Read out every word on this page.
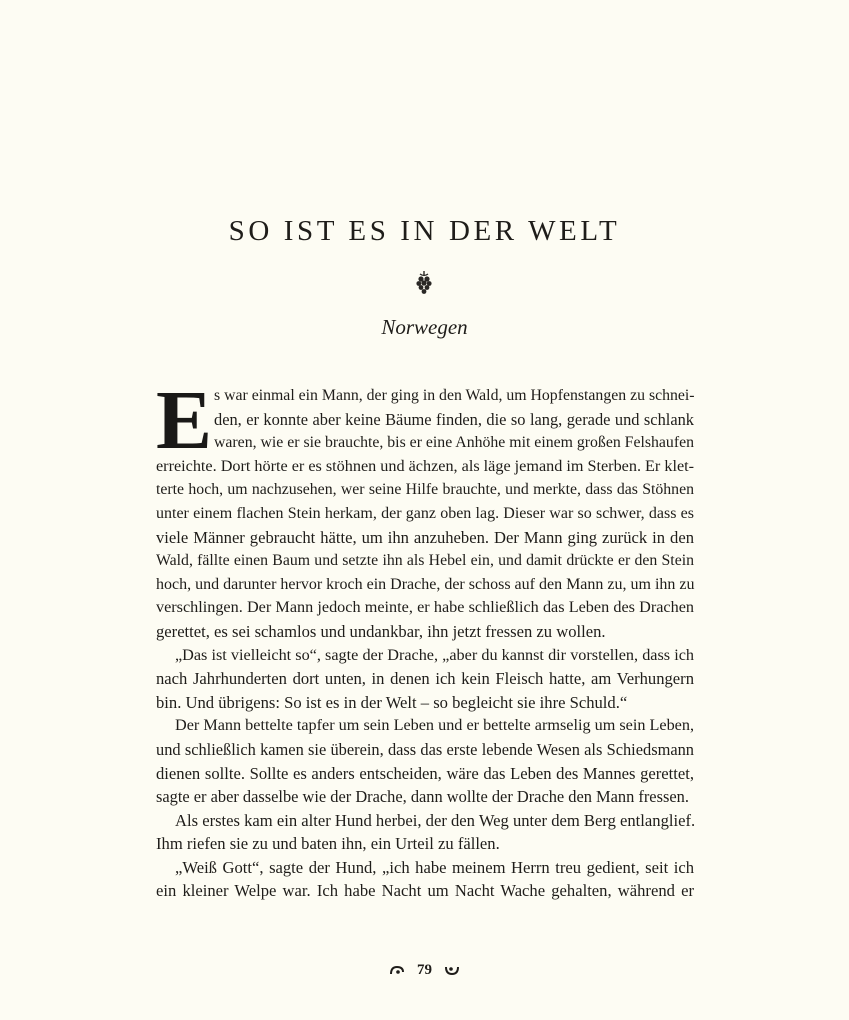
SO IST ES IN DER WELT
Norwegen
E s war einmal ein Mann, der ging in den Wald, um Hopfenstangen zu schnei-
den, er konnte aber keine Bäume finden, die so lang, gerade und schlank
waren, wie er sie brauchte, bis er eine Anhöhe mit einem großen Felshaufen
erreichte. Dort hörte er es stöhnen und ächzen, als läge jemand im Sterben. Er klet-
terte hoch, um nachzusehen, wer seine Hilfe brauchte, und merkte, dass das Stöhnen
unter einem flachen Stein herkam, der ganz oben lag. Dieser war so schwer, dass es
viele Männer gebraucht hätte, um ihn anzuheben. Der Mann ging zurück in den
Wald, fällte einen Baum und setzte ihn als Hebel ein, und damit drückte er den Stein
hoch, und darunter hervor kroch ein Drache, der schoss auf den Mann zu, um ihn zu
verschlingen. Der Mann jedoch meinte, er habe schließlich das Leben des Drachen
gerettet, es sei schamlos und undankbar, ihn jetzt fressen zu wollen.
„Das ist vielleicht so“, sagte der Drache, „aber du kannst dir vorstellen, dass ich
nach Jahrhunderten dort unten, in denen ich kein Fleisch hatte, am Verhungern
bin. Und übrigens: So ist es in der Welt – so begleicht sie ihre Schuld.“
Der Mann bettelte tapfer um sein Leben und er bettelte armselig um sein Leben,
und schließlich kamen sie überein, dass das erste lebende Wesen als Schiedsmann
dienen sollte. Sollte es anders entscheiden, wäre das Leben des Mannes gerettet,
sagte er aber dasselbe wie der Drache, dann wollte der Drache den Mann fressen.
Als erstes kam ein alter Hund herbei, der den Weg unter dem Berg entlanglief.
Ihm riefen sie zu und baten ihn, ein Urteil zu fällen.
„Weiß Gott“, sagte der Hund, „ich habe meinem Herrn treu gedient, seit ich
ein kleiner Welpe war. Ich habe Nacht um Nacht Wache gehalten, während er
79
